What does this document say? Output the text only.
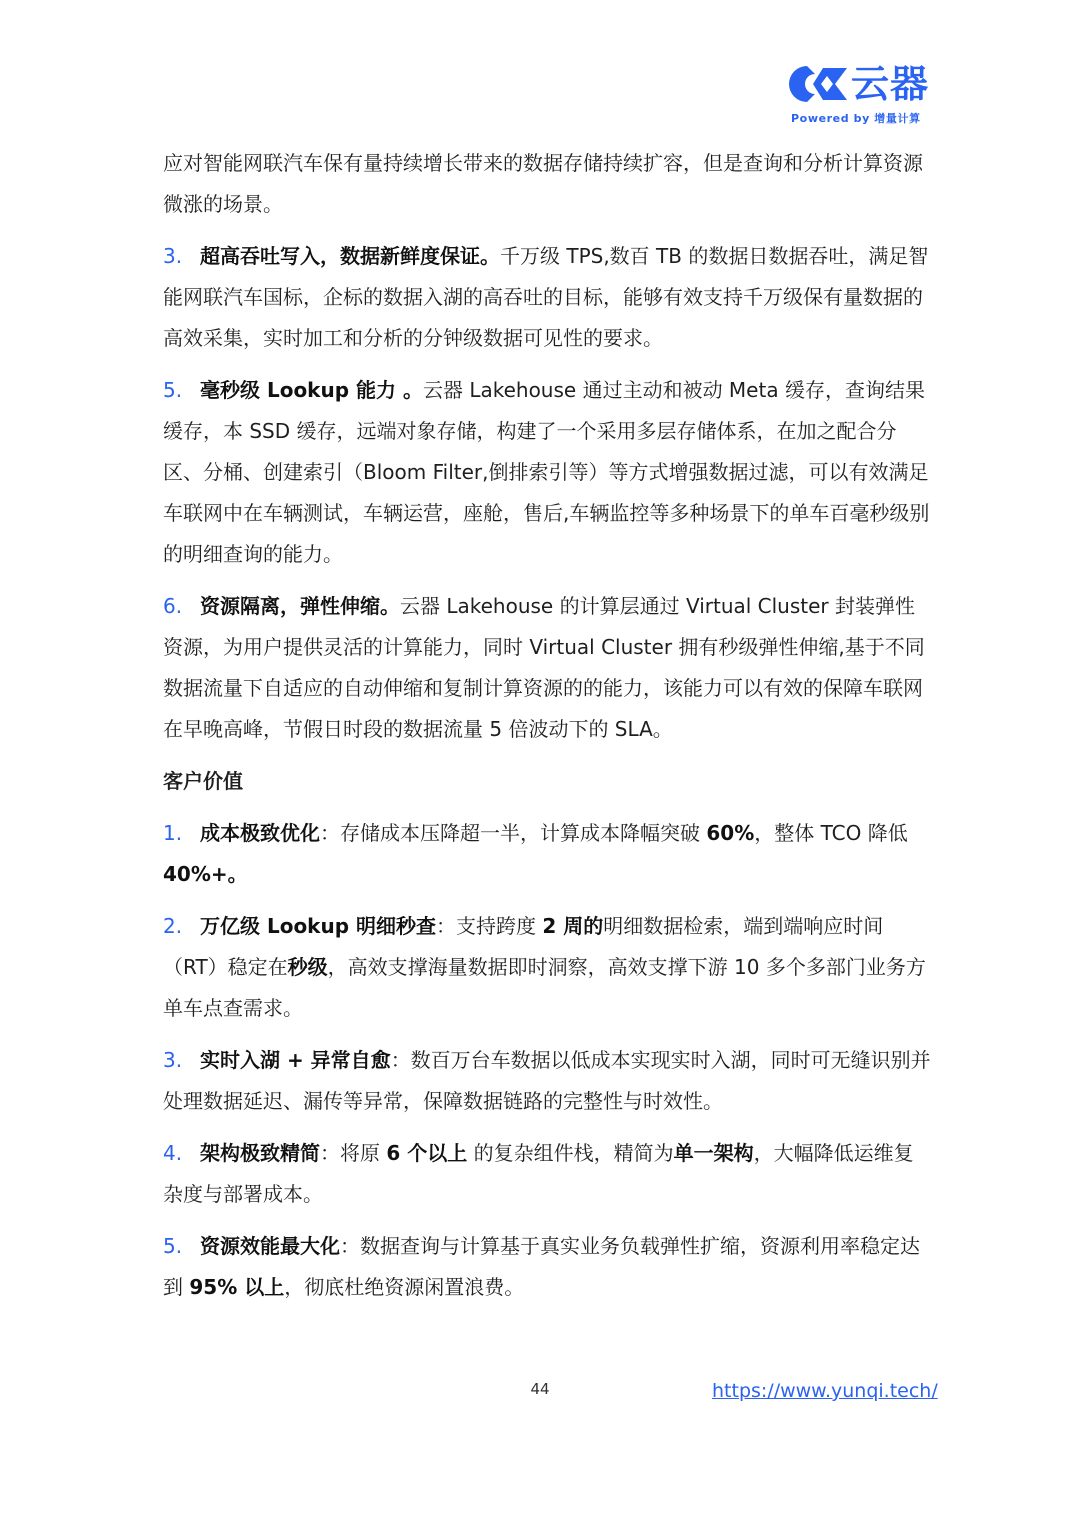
云器
Powered by 增量计算

应对智能网联汽车保有量持续增长带来的数据存储持续扩容，但是查询和分析计算资源微涨的场景。

3. 超高吞吐写入，数据新鲜度保证。千万级 TPS,数百 TB 的数据日数据吞吐，满足智能网联汽车国标，企标的数据入湖的高吞吐的目标，能够有效支持千万级保有量数据的高效采集，实时加工和分析的分钟级数据可见性的要求。

5. 毫秒级 Lookup 能力 。云器 Lakehouse 通过主动和被动 Meta 缓存，查询结果缓存，本 SSD 缓存，远端对象存储，构建了一个采用多层存储体系，在加之配合分区、分桶、创建索引（Bloom Filter,倒排索引等）等方式增强数据过滤，可以有效满足车联网中在车辆测试，车辆运营，座舱，售后,车辆监控等多种场景下的单车百毫秒级别的明细查询的能力。

6. 资源隔离，弹性伸缩。云器 Lakehouse 的计算层通过 Virtual Cluster 封装弹性资源，为用户提供灵活的计算能力，同时 Virtual Cluster 拥有秒级弹性伸缩,基于不同数据流量下自适应的自动伸缩和复制计算资源的的能力，该能力可以有效的保障车联网在早晚高峰，节假日时段的数据流量 5 倍波动下的 SLA。

客户价值

1. 成本极致优化：存储成本压降超一半，计算成本降幅突破 60%，整体 TCO 降低 40%+。

2. 万亿级 Lookup 明细秒查：支持跨度 2 周的明细数据检索，端到端响应时间（RT）稳定在秒级，高效支撑海量数据即时洞察，高效支撑下游 10 多个多部门业务方单车点查需求。

3. 实时入湖 + 异常自愈：数百万台车数据以低成本实现实时入湖，同时可无缝识别并处理数据延迟、漏传等异常，保障数据链路的完整性与时效性。

4. 架构极致精简：将原 6 个以上 的复杂组件栈，精简为单一架构，大幅降低运维复杂度与部署成本。

5. 资源效能最大化：数据查询与计算基于真实业务负载弹性扩缩，资源利用率稳定达到 95% 以上，彻底杜绝资源闲置浪费。

44	https://www.yunqi.tech/
